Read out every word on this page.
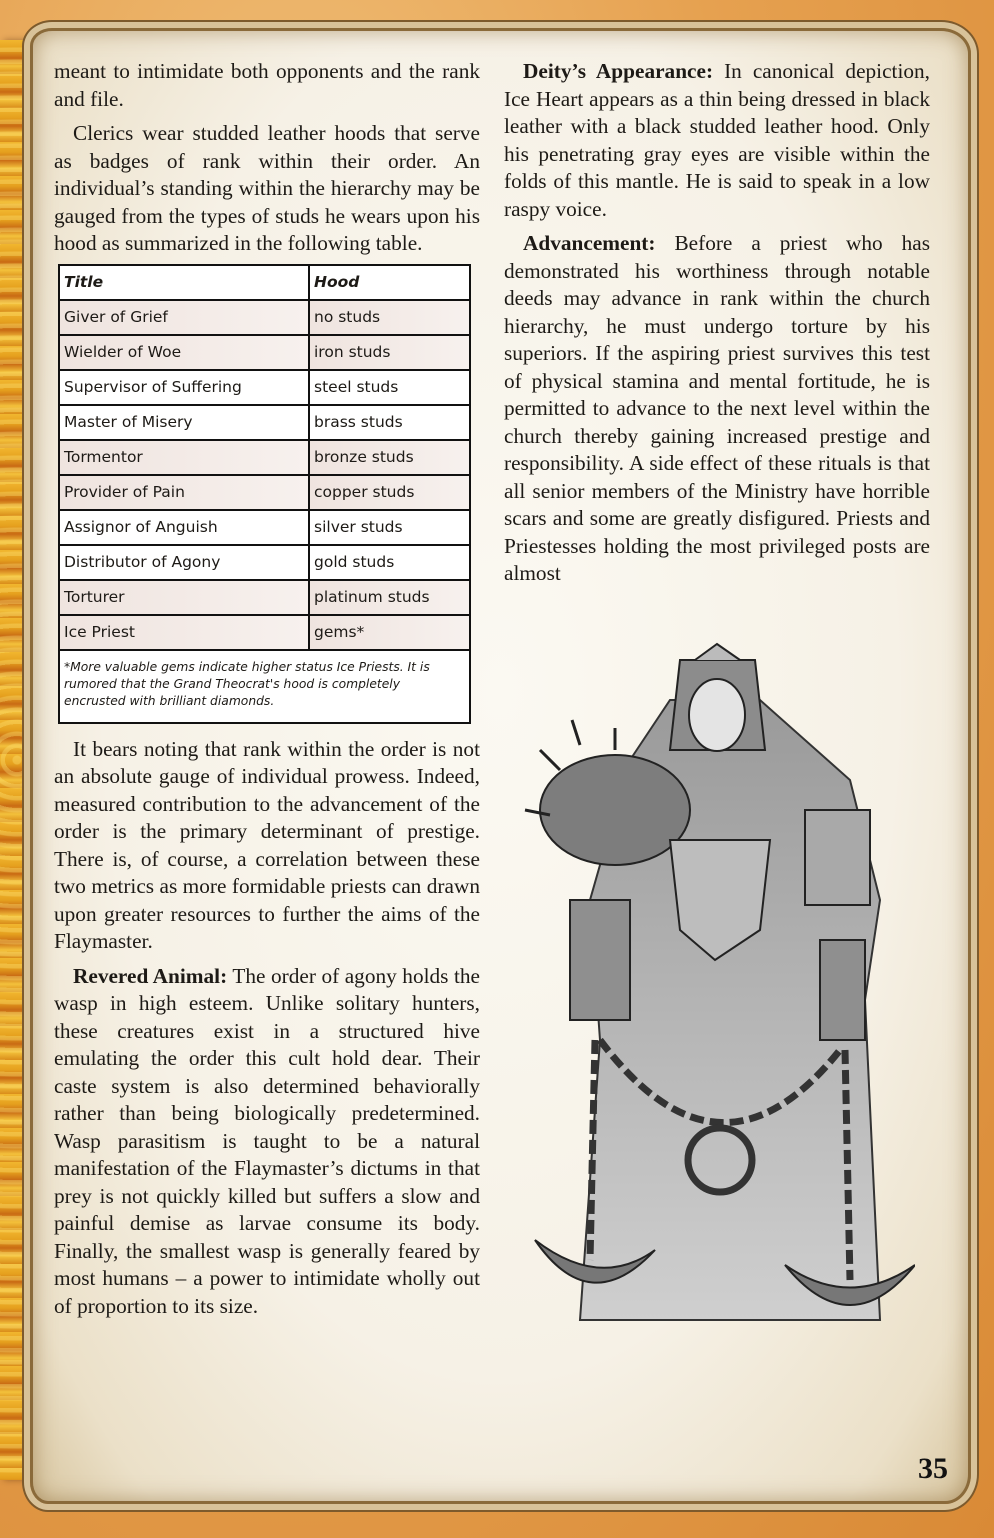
meant to intimidate both opponents and the rank and file.

Clerics wear studded leather hoods that serve as badges of rank within their order. An individual’s standing within the hierarchy may be gauged from the types of studs he wears upon his hood as summarized in the following table.

Title	Hood
Giver of Grief	no studs
Wielder of Woe	iron studs
Supervisor of Suffering	steel studs
Master of Misery	brass studs
Tormentor	bronze studs
Provider of Pain	copper studs
Assignor of Anguish	silver studs
Distributor of Agony	gold studs
Torturer	platinum studs
Ice Priest	gems*
*More valuable gems indicate higher status Ice Priests. It is rumored that the Grand Theocrat's hood is completely encrusted with brilliant diamonds.	

It bears noting that rank within the order is not an absolute gauge of individual prowess. Indeed, measured contribution to the advancement of the order is the primary determinant of prestige. There is, of course, a correlation between these two metrics as more formidable priests can drawn upon greater resources to further the aims of the Flaymaster.

Revered Animal: The order of agony holds the wasp in high esteem. Unlike solitary hunters, these creatures exist in a structured hive emulating the order this cult hold dear. Their caste system is also determined behaviorally rather than being biologically predetermined. Wasp parasitism is taught to be a natural manifestation of the Flaymaster’s dictums in that prey is not quickly killed but suffers a slow and painful demise as larvae consume its body. Finally, the smallest wasp is generally feared by most humans – a power to intimidate wholly out of proportion to its size.

Deity’s Appearance: In canonical depiction, Ice Heart appears as a thin being dressed in black leather with a black studded leather hood. Only his penetrating gray eyes are visible within the folds of this mantle. He is said to speak in a low raspy voice.

Advancement: Before a priest who has demonstrated his worthiness through notable deeds may advance in rank within the church hierarchy, he must undergo torture by his superiors. If the aspiring priest survives this test of physical stamina and mental fortitude, he is permitted to advance to the next level within the church thereby gaining increased prestige and responsibility. A side effect of these rituals is that all senior members of the Ministry have horrible scars and some are greatly disfigured. Priests and Priestesses holding the most privileged posts are almost

35
